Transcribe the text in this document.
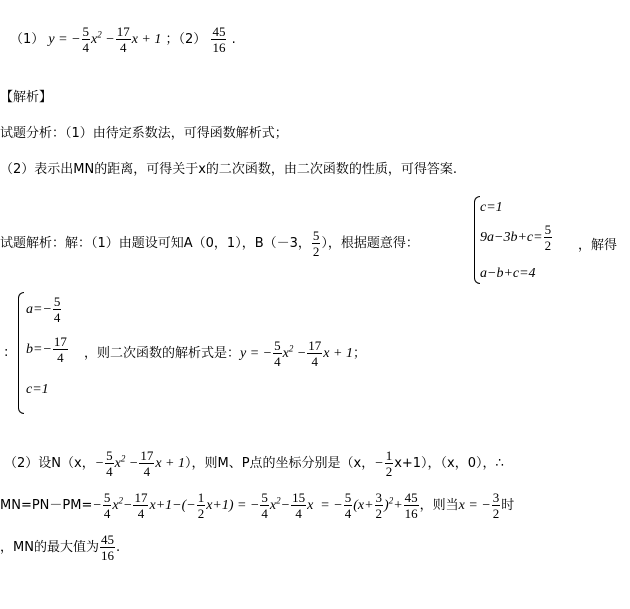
（1） y = − $\frac{5}{4} x^2 - \frac{17}{4}$ x + 1 ；$(2) \frac{45}{16}$ .
【解析】
试题分析：（1）由待定系数法，可得函数解析式；
（2）表示出MN的距离，可得关于x的二次函数，由二次函数的性质，可得答案.
试题解析：解：（1）由题设可知A（0，1），B（－3， $\frac{5}{2}$ ），根据题意得：
c=1
$9a-3b+c= \frac{5}{2}$
a−b+c=4
，解得
$a=- \frac{5}{4}$
$b=- \frac{17}{4}$
c=1
:	，则二次函数的解析式是：y = − $\frac{5}{4} x^2 - \frac{17}{4}$ x + 1；
（2）设N（x，− $\frac{5}{4} x^2 - \frac{17}{4}$ x + 1），则M、P点的坐标分别是（x，− $\frac{1}{2} x+1$），（x，0），∴
$MN=PN-PM=- \frac{5}{4} x^2- \frac{17}{4} x+1-(- \frac{1}{2} x+1)$ = − $\frac{5}{4} x^2- \frac{15}{4}$ x  = − $\frac{5}{4} (x+ \frac{3}{2} )^2+ \frac{45}{16}$ ，则当x = − $\frac{3}{2}$ 时
，MN的最大值为 $\frac{45}{16}$ .
